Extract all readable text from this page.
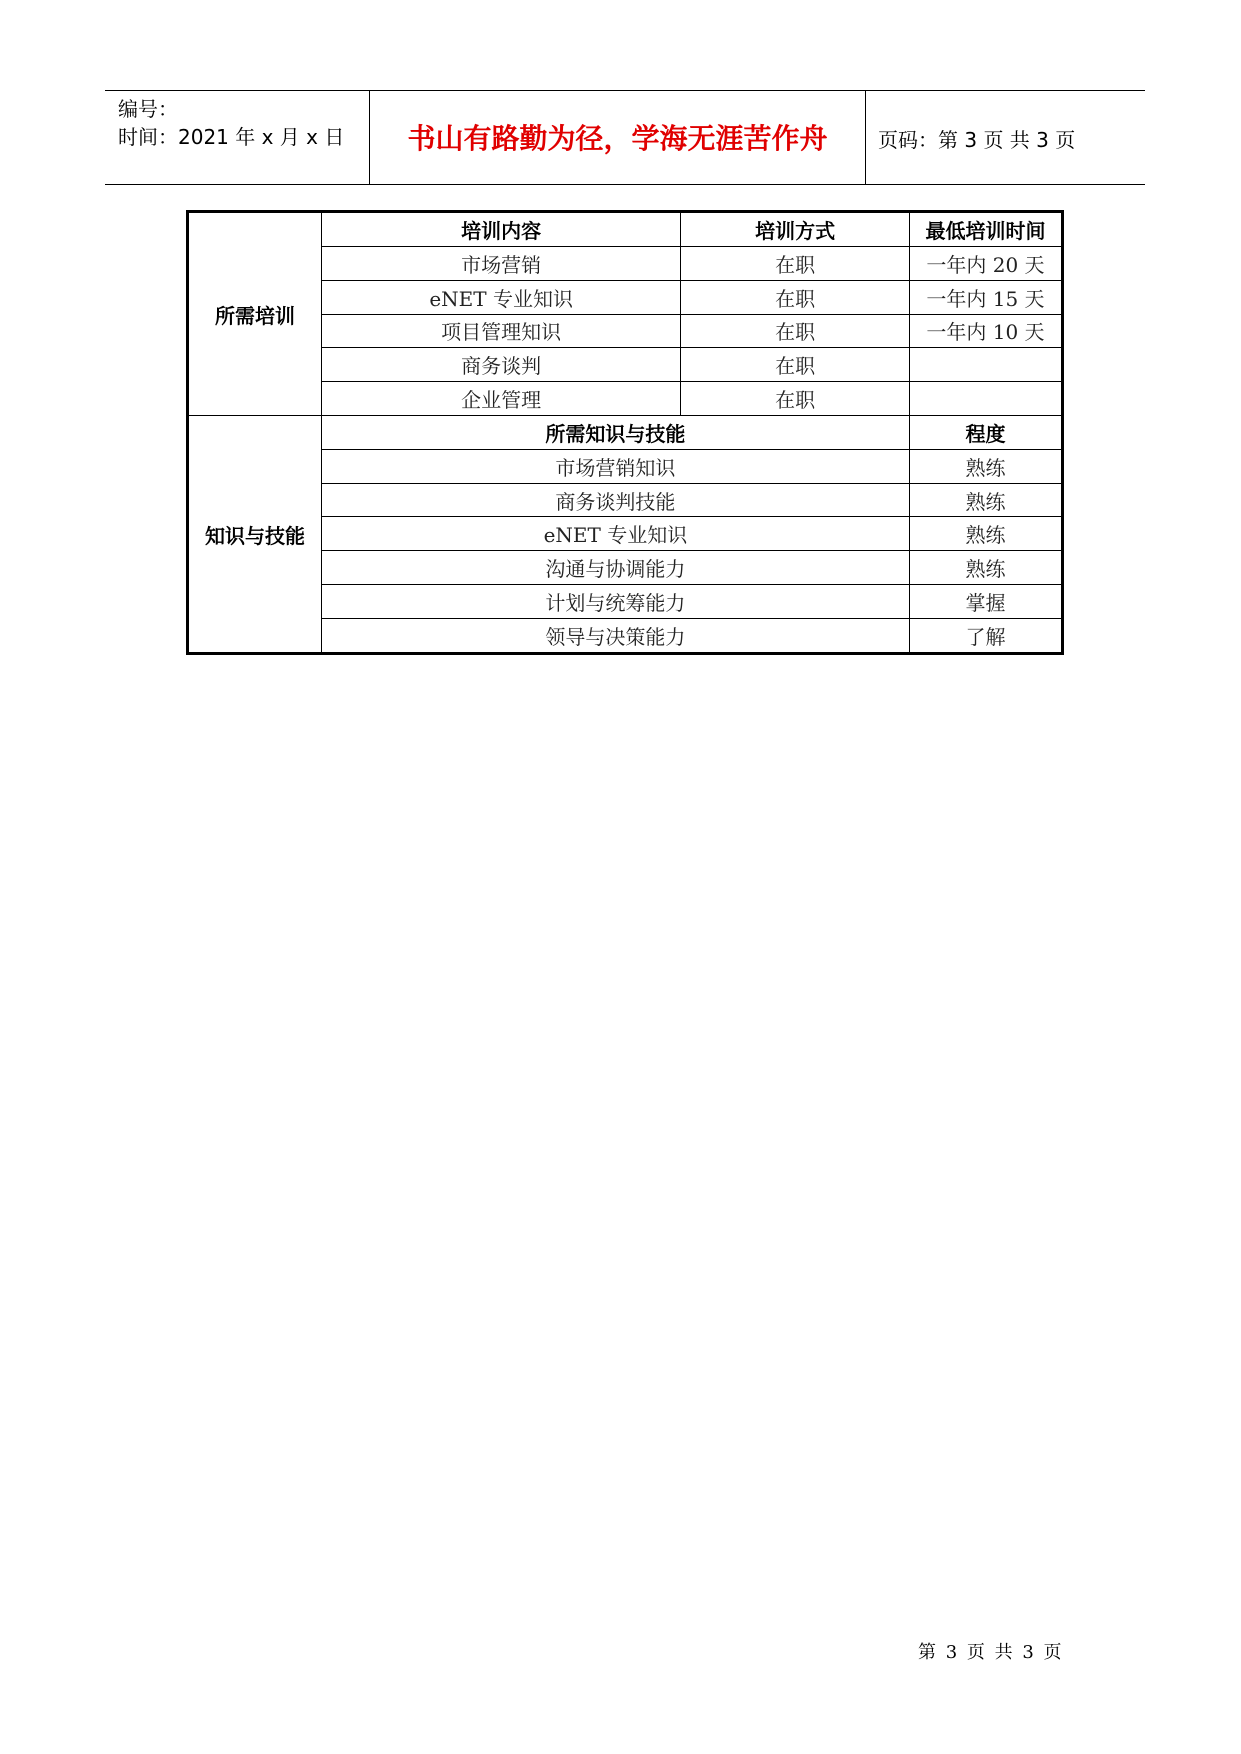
编号：
时间：2021 年 x 月 x 日	书山有路勤为径，学海无涯苦作舟	页码：第 3 页 共 3 页
所需培训	培训内容	培训方式	最低培训时间
	市场营销	在职	一年内 20 天
	eNET 专业知识	在职	一年内 15 天
	项目管理知识	在职	一年内 10 天
	商务谈判	在职	
	企业管理	在职	
知识与技能	所需知识与技能		程度
	市场营销知识		熟练
	商务谈判技能		熟练
	eNET 专业知识		熟练
	沟通与协调能力		熟练
	计划与统筹能力		掌握
	领导与决策能力		了解
第 3 页 共 3 页
